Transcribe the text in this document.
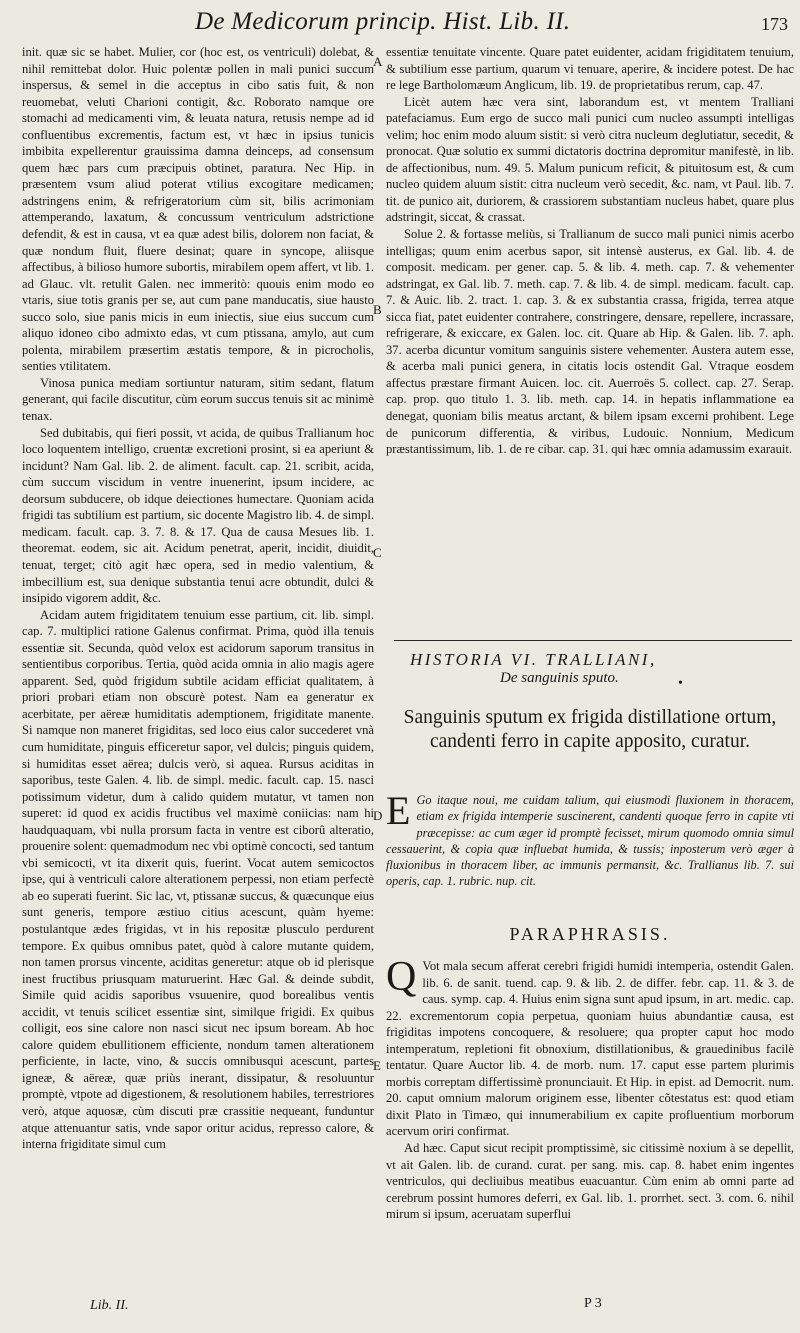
De Medicorum princip. Hist. Lib. II.	173

init. quæ sic se habet. Mulier, cor (hoc est, os ventriculi) dolebat, & nihil remittebat dolor. Huic polentæ pollen in mali punici succum inspersus, & semel in die acceptus in cibo satis fuit, & non reuomebat, veluti Charioni contigit, &c. Roborato namque ore stomachi ad medicamenti vim, & leuata natura, retusis nempe ad id confluentibus excrementis, factum est, vt hæc in ipsius tunicis imbibita expellerentur grauissima damna deinceps, ad consensum quem hæc pars cum præcipuis obtinet, paratura. Nec Hip. in præsentem vsum aliud poterat vtilius excogitare medicamen; adstringens enim, & refrigeratorium cùm sit, bilis acrimoniam attemperando, laxatum, & concussum ventriculum adstrictione defendit, & est in causa, vt ea quæ adest bilis, dolorem non faciat, & quæ nondum fluit, fluere desinat; quare in syncope, aliisque affectibus, à bilioso humore subortis, mirabilem opem affert, vt lib. 1. ad Glauc. vlt. retulit Galen. nec immeritò: quouis enim modo eo vtaris, siue totis granis per se, aut cum pane manducatis, siue hausto succo solo, siue panis micis in eum iniectis, siue eius succum cum aliquo idoneo cibo admixto edas, vt cum ptissana, amylo, aut cum polenta, mirabilem præsertim æstatis tempore, & in picrocholis, senties vtilitatem.

Vinosa punica mediam sortiuntur naturam, sitim sedant, flatum generant, qui facile discutitur, cùm eorum succus tenuis sit ac minimè tenax.

Sed dubitabis, qui fieri possit, vt acida, de quibus Trallianum hoc loco loquentem intelligo, cruentæ excretioni prosint, si ea aperiunt & incidunt? Nam Gal. lib. 2. de aliment. facult. cap. 21. scribit, acida, cùm succum viscidum in ventre inuenerint, ipsum incidere, ac deorsum subducere, ob idque deiectiones humectare. Quoniam acida frigidi tas subtilium est partium, sic docente Magistro lib. 4. de simpl. medicam. facult. cap. 3. 7. 8. & 17. Qua de causa Mesues lib. 1. theoremat. eodem, sic ait. Acidum penetrat, aperit, incidit, diuidit, tenuat, terget; citò agit hæc opera, sed in medio valentium, & imbecillium est, sua denique substantia tenui acre obtundit, dulci & insipido vigorem addit, &c.

Acidam autem frigiditatem tenuium esse partium, cit. lib. simpl. cap. 7. multiplici ratione Galenus confirmat. Prima, quòd illa tenuis essentiæ sit. Secunda, quòd velox est acidorum saporum transitus in sentientibus corporibus. Tertia, quòd acida omnia in alio magis agere apparent. Sed, quòd frigidum subtile acidam efficiat qualitatem, à priori probari etiam non obscurè potest. Nam ea generatur ex acerbitate, per aëreæ humiditatis ademptionem, frigiditate manente. Si namque non maneret frigiditas, sed loco eius calor succederet vnà cum humiditate, pinguis efficeretur sapor, vel dulcis; pinguis quidem, si humiditas esset aërea; dulcis verò, si aquea. Rursus aciditas in saporibus, teste Galen. 4. lib. de simpl. medic. facult. cap. 15. nasci potissimum videtur, dum à calido quidem mutatur, vt tamen non superet: id quod ex acidis fructibus vel maximè coniicias: nam hi haudquaquam, vbi nulla prorsum facta in ventre est ciborû alteratio, prouenire solent: quemadmodum nec vbi optimè concocti, sed tantum vbi semicocti, vt ita dixerit quis, fuerint. Vocat autem semicoctos ipse, qui à ventriculi calore alterationem perpessi, non etiam perfectè ab eo superati fuerint. Sic lac, vt, ptissanæ succus, & quæcunque eius sunt generis, tempore æstiuo citius acescunt, quàm hyeme: postulantque ædes frigidas, vt in his repositæ plusculo perdurent tempore. Ex quibus omnibus patet, quòd à calore mutante quidem, non tamen prorsus vincente, aciditas generetur: atque ob id plerisque inest fructibus priusquam maturuerint. Hæc Gal. & deinde subdit, Simile quid acidis saporibus vsuuenire, quod borealibus ventis accidit, vt tenuis scilicet essentiæ sint, similque frigidi. Ex quibus colligit, eos sine calore non nasci sicut nec ipsum boream. Ab hoc calore quidem ebullitionem efficiente, nondum tamen alterationem perficiente, in lacte, vino, & succis omnibusqui acescunt, partes igneæ, & aëreæ, quæ priùs inerant, dissipatur, & resoluuntur promptè, vtpote ad digestionem, & resolutionem habiles, terrestriores verò, atque aquosæ, cùm discuti præ crassitie nequeant, funduntur atque attenuantur satis, vnde sapor oritur acidus, represso calore, & interna frigiditate simul cum

A
B
C
D
E

essentiæ tenuitate vincente. Quare patet euidenter, acidam frigiditatem tenuium, & subtilium esse partium, quarum vi tenuare, aperire, & incidere potest. De hac re lege Bartholomæum Anglicum, lib. 19. de proprietatibus rerum, cap. 47.

Licèt autem hæc vera sint, laborandum est, vt mentem Tralliani patefaciamus. Eum ergo de succo mali punici cum nucleo assumpti intelligas velim; hoc enim modo aluum sistit: si verò citra nucleum deglutiatur, secedit, & pronocat. Quæ solutio ex summi dictatoris doctrina depromitur manifestè, in lib. de affectionibus, num. 49. 5. Malum punicum reficit, & pituitosum est, & cum nucleo quidem aluum sistit: citra nucleum verò secedit, &c. nam, vt Paul. lib. 7. tit. de punico ait, duriorem, & crassiorem substantiam nucleus habet, quare plus adstringit, siccat, & crassat.

Solue 2. & fortasse meliùs, si Trallianum de succo mali punici nimis acerbo intelligas; quum enim acerbus sapor, sit intensè austerus, ex Gal. lib. 4. de composit. medicam. per gener. cap. 5. & lib. 4. meth. cap. 7. & vehementer adstringat, ex Gal. lib. 7. meth. cap. 7. & lib. 4. de simpl. medicam. facult. cap. 7. & Auic. lib. 2. tract. 1. cap. 3. & ex substantia crassa, frigida, terrea atque sicca fiat, patet euidenter contrahere, constringere, densare, repellere, incrassare, refrigerare, & exiccare, ex Galen. loc. cit. Quare ab Hip. & Galen. lib. 7. aph. 37. acerba dicuntur vomitum sanguinis sistere vehementer. Austera autem esse, & acerba mali punici genera, in citatis locis ostendit Gal. Vtraque eosdem affectus præstare firmant Auicen. loc. cit. Auerroës 5. collect. cap. 27. Serap. cap. prop. quo titulo 1. 3. lib. meth. cap. 14. in hepatis inflammatione ea denegat, quoniam bilis meatus arctant, & bilem ipsam excerni prohibent. Lege de punicorum differentia, & viribus, Ludouic. Nonnium, Medicum præstantissimum, lib. 1. de re cibar. cap. 31. qui hæc omnia adamussim exarauit.

HISTORIA VI. TRALLIANI,
De sanguinis sputo.	•
Sanguinis sputum ex frigida distillatione ortum, candenti ferro in capite apposito, curatur.
E Go itaque noui, me cuidam talium, qui eiusmodi fluxionem in thoracem, etiam ex frigida intemperie suscinerent, candenti quoque ferro in capite vti præcepisse: ac cum æger id promptè fecisset, mirum quomodo omnia simul cessauerint, & copia quæ influebat humida, & tussis; inposterum verò æger à fluxionibus in thoracem liber, ac immunis permansit, &c. Trallianus lib. 7. sui operis, cap. 1. rubric. nup. cit.
PARAPHRASIS.

Q Vot mala secum afferat cerebri frigidi humidi intemperia, ostendit Galen. lib. 6. de sanit. tuend. cap. 9. & lib. 2. de differ. febr. cap. 11. & 3. de caus. symp. cap. 4. Huius enim signa sunt apud ipsum, in art. medic. cap. 22. excrementorum copia perpetua, quoniam huius abundantiæ causa, est frigiditas impotens concoquere, & resoluere; qua propter caput hoc modo intemperatum, repletioni fit obnoxium, distillationibus, & grauedinibus facilè tentatur. Quare Auctor lib. 4. de morb. num. 17. caput esse partem plurimis morbis correptam differtissimè pronunciauit. Et Hip. in epist. ad Democrit. num. 20. caput omnium malorum originem esse, libenter cõtestatus est: quod etiam dixit Plato in Timæo, qui innumerabilium ex capite profluentium morborum acervum oriri confirmat.

Ad hæc. Caput sicut recipit promptissimè, sic citissimè noxium à se depellit, vt ait Galen. lib. de curand. curat. per sang. mis. cap. 8. habet enim ingentes ventriculos, qui decliuibus meatibus euacuantur. Cùm enim ab omni parte ad cerebrum possint humores deferri, ex Gal. lib. 1. prorrhet. sect. 3. com. 6. nihil mirum si ipsum, aceruatam superflui

Lib. II.	P 3
